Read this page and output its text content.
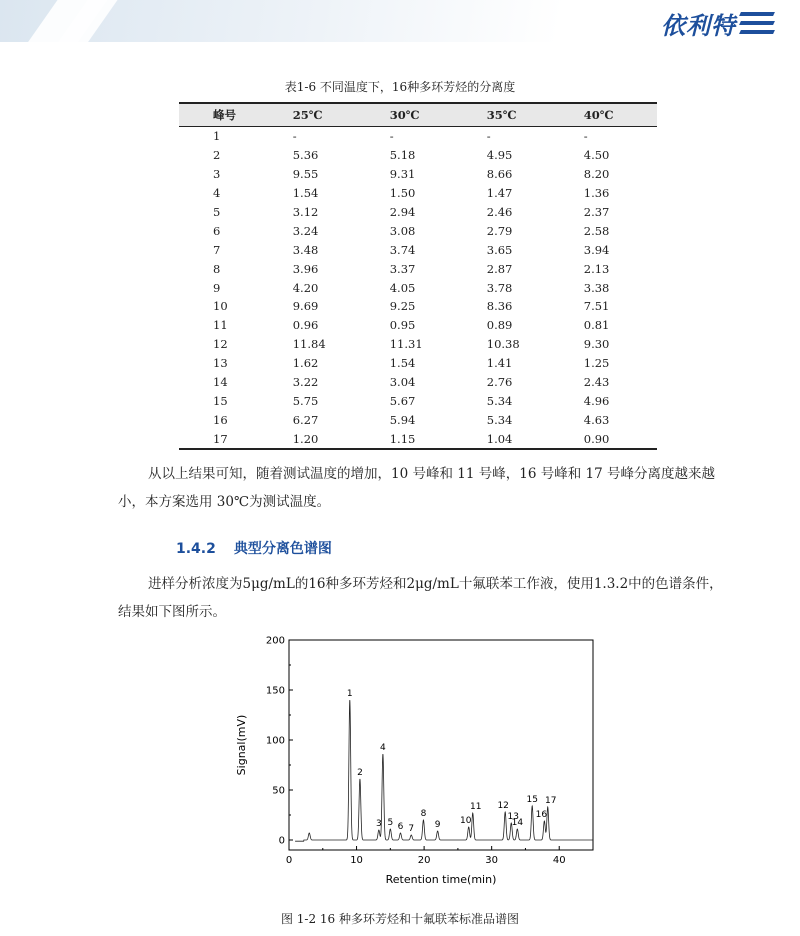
依利特
表1-6 不同温度下，16种多环芳烃的分离度
峰号	25℃	30℃	35℃	40℃
1	-	-	-	-
2	5.36	5.18	4.95	4.50
3	9.55	9.31	8.66	8.20
4	1.54	1.50	1.47	1.36
5	3.12	2.94	2.46	2.37
6	3.24	3.08	2.79	2.58
7	3.48	3.74	3.65	3.94
8	3.96	3.37	2.87	2.13
9	4.20	4.05	3.78	3.38
10	9.69	9.25	8.36	7.51
11	0.96	0.95	0.89	0.81
12	11.84	11.31	10.38	9.30
13	1.62	1.54	1.41	1.25
14	3.22	3.04	2.76	2.43
15	5.75	5.67	5.34	4.96
16	6.27	5.94	5.34	4.63
17	1.20	1.15	1.04	0.90
从以上结果可知，随着测试温度的增加，10 号峰和 11 号峰，16 号峰和 17 号峰分离度越来越
小，本方案选用 30℃为测试温度。
1.4.2 典型分离色谱图
进样分析浓度为5μg/mL的16种多环芳烃和2μg/mL十氟联苯工作液，使用1.3.2中的色谱条件，
结果如下图所示。
0	10	20	30	40
0
50
100
150
200
Retention time(min)
Signal(mV)
1
2
3
4
5 6 7
8
9 10
11 12
13
14
15
16
17
图 1-2 16 种多环芳烃和十氟联苯标准品谱图
